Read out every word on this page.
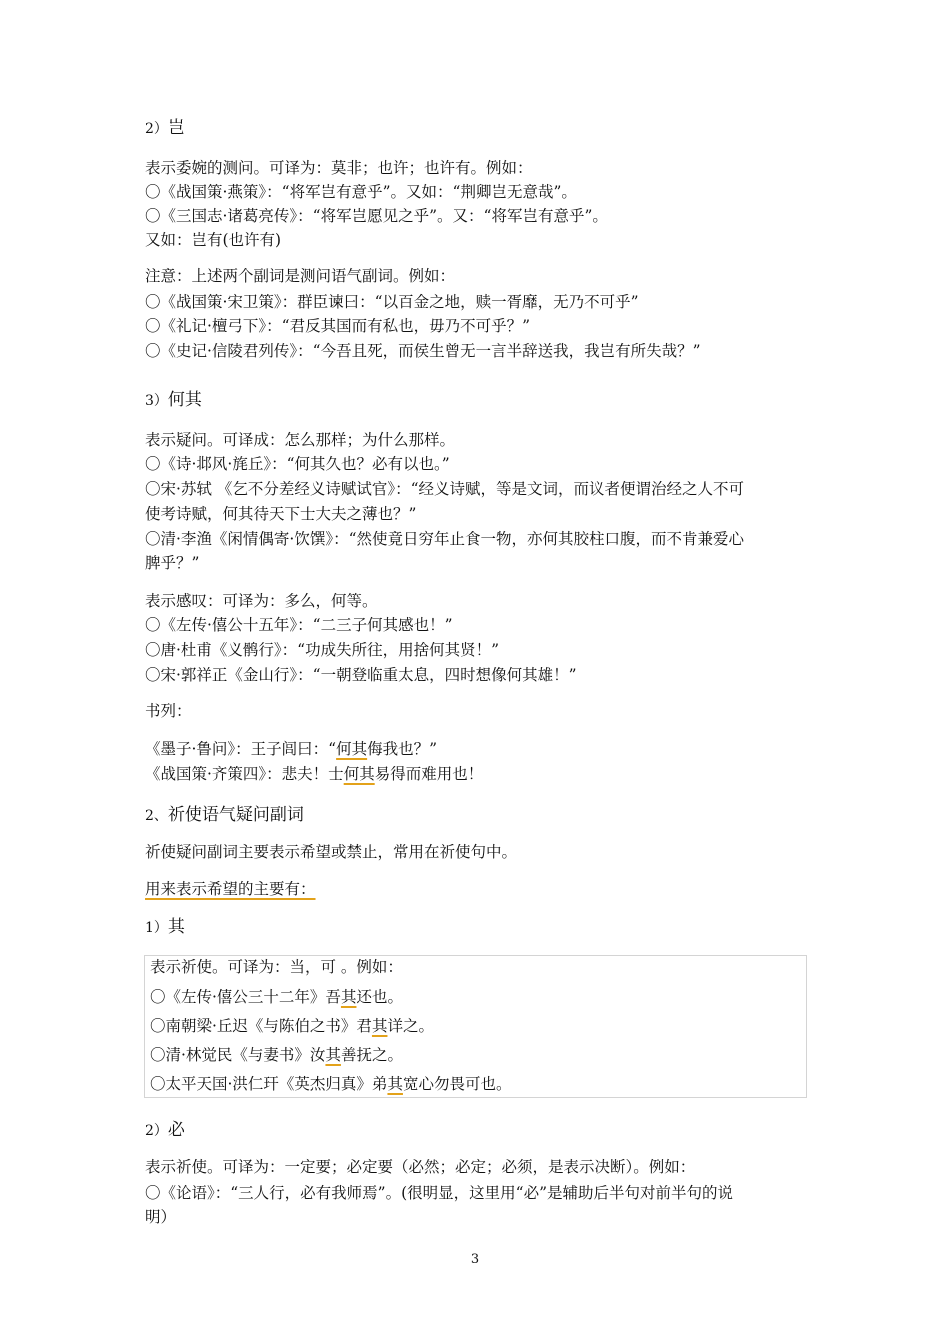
2）岂
表示委婉的测问。可译为：莫非；也许；也许有。例如：
〇《战国策·燕策》：“将军岂有意乎”。又如：“荆卿岂无意哉”。
〇《三国志·诸葛亮传》：“将军岂愿见之乎”。又：“将军岂有意乎”。
又如：岂有(也许有)
注意：上述两个副词是测问语气副词。例如：
〇《战国策·宋卫策》：群臣谏曰：“以百金之地，赎一胥靡，无乃不可乎”
〇《礼记·檀弓下》：“君反其国而有私也，毋乃不可乎？”
〇《史记·信陵君列传》：“今吾且死，而侯生曾无一言半辞送我，我岂有所失哉？”
3）何其
表示疑问。可译成：怎么那样；为什么那样。
〇《诗·邶风·旄丘》：“何其久也？必有以也。”
〇宋·苏轼 《乞不分差经义诗赋试官》：“经义诗赋，等是文词，而议者便谓治经之人不可
使考诗赋，何其待天下士大夫之薄也？”
〇清·李渔《闲情偶寄·饮馔》：“然使竟日穷年止食一物，亦何其胶柱口腹，而不肯兼爱心
脾乎？”
表示感叹：可译为：多么，何等。
〇《左传·僖公十五年》：“二三子何其感也！”
〇唐·杜甫《义鹘行》：“功成失所往，用捨何其贤！”
〇宋·郭祥正《金山行》：“一朝登临重太息，四时想像何其雄！”
书列：
《墨子·鲁问》：王子闾曰：“何其侮我也？”
《战国策·齐策四》：悲夫！士何其易得而难用也！
2、祈使语气疑问副词
祈使疑问副词主要表示希望或禁止，常用在祈使句中。
用来表示希望的主要有：
1）其
表示祈使。可译为：当，可 。例如：
〇《左传·僖公三十二年》吾其还也。
〇南朝梁·丘迟《与陈伯之书》君其详之。
〇清·林觉民《与妻书》汝其善抚之。
〇太平天国·洪仁玕《英杰归真》弟其宽心勿畏可也。
2）必
表示祈使。可译为：一定要；必定要（必然；必定；必须，是表示决断）。例如：
〇《论语》：“三人行，必有我师焉”。(很明显，这里用“必”是辅助后半句对前半句的说
明）
3
